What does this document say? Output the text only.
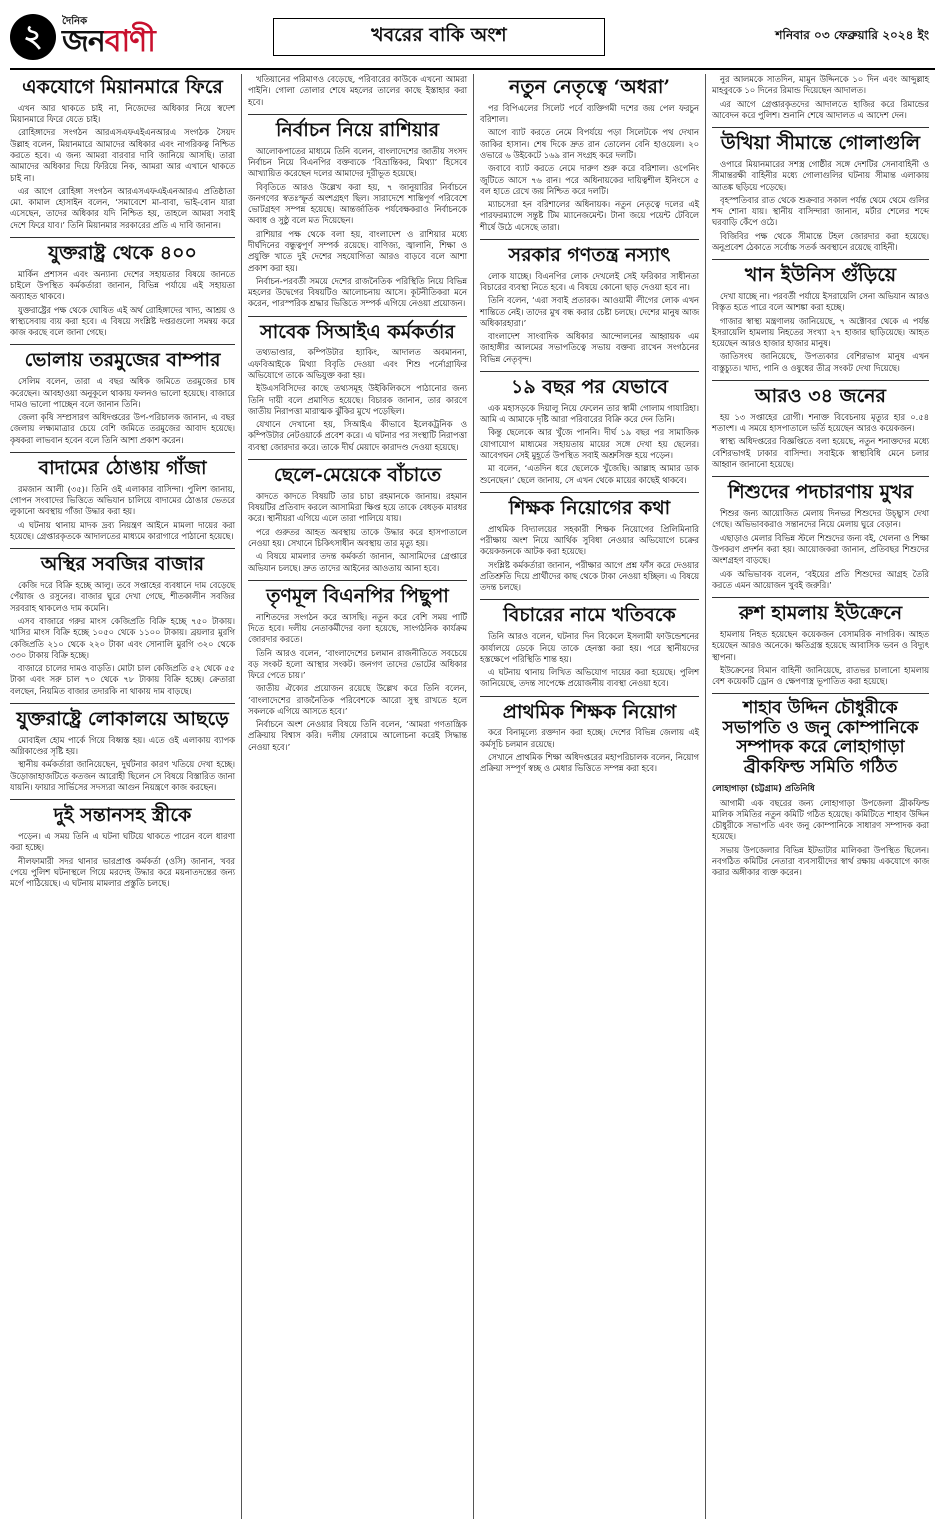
২	দৈনিক
জনবাণী	খবরের বাকি অংশ	শনিবার ০৩ ফেব্রুয়ারি ২০২৪ ইং
একযোগে মিয়ানমারে ফিরে

এখন আর থাকতে চাই না, নিজেদের অধিকার নিয়ে স্বদেশ মিয়ানমারে ফিরে যেতে চাই।

রোহিঙ্গাদের সংগঠন আরএসএফএইএনআরএ সংগঠক সৈয়দ উল্লাহ বলেন, মিয়ানমারে আমাদের অধিকার এবং নাগরিকত্ব নিশ্চিত করতে হবে। এ জন্য আমরা বারবার দাবি জানিয়ে আসছি। তারা আমাদের অধিকার দিয়ে ফিরিয়ে নিক, আমরা আর এখানে থাকতে চাই না।

এর আগে রোহিঙ্গা সংগঠন আরএসএফএইএনআরএ প্রতিষ্ঠাতা মো. কামাল হোসাইন বলেন, ‘সমাবেশে মা-বাবা, ভাই-বোন যারা এসেছেন, তাদের অধিকার যদি নিশ্চিত হয়, তাহলে আমরা সবাই দেশে ফিরে যাব।’ তিনি মিয়ানমার সরকারের প্রতি এ দাবি জানান।

যুক্তরাষ্ট্র থেকে ৪০০

মার্কিন প্রশাসন এবং অন্যান্য দেশের সহায়তার বিষয়ে জানতে চাইলে উপস্থিত কর্মকর্তারা জানান, বিভিন্ন পর্যায়ে এই সহায়তা অব্যাহত থাকবে।

যুক্তরাষ্ট্রের পক্ষ থেকে ঘোষিত এই অর্থ রোহিঙ্গাদের খাদ্য, আশ্রয় ও স্বাস্থ্যসেবায় ব্যয় করা হবে। এ বিষয়ে সংশ্লিষ্ট দপ্তরগুলো সমন্বয় করে কাজ করছে বলে জানা গেছে।

ভোলায় তরমুজের বাম্পার

সেলিম বলেন, তারা এ বছর অধিক জমিতে তরমুজের চাষ করেছেন। আবহাওয়া অনুকূলে থাকায় ফলনও ভালো হয়েছে। বাজারে দামও ভালো পাচ্ছেন বলে জানান তিনি।

জেলা কৃষি সম্প্রসারণ অধিদপ্তরের উপ-পরিচালক জানান, এ বছর জেলায় লক্ষ্যমাত্রার চেয়ে বেশি জমিতে তরমুজের আবাদ হয়েছে। কৃষকরা লাভবান হবেন বলে তিনি আশা প্রকাশ করেন।

বাদামের ঠোঙায় গাঁজা

রমজান আলী (৩৫)। তিনি ওই এলাকার বাসিন্দা। পুলিশ জানায়, গোপন সংবাদের ভিত্তিতে অভিযান চালিয়ে বাদামের ঠোঙার ভেতরে লুকানো অবস্থায় গাঁজা উদ্ধার করা হয়।

এ ঘটনায় থানায় মাদক দ্রব্য নিয়ন্ত্রণ আইনে মামলা দায়ের করা হয়েছে। গ্রেপ্তারকৃতকে আদালতের মাধ্যমে কারাগারে পাঠানো হয়েছে।

অস্থির সবজির বাজার

কেজি দরে বিক্রি হচ্ছে আলু। তবে সপ্তাহের ব্যবধানে দাম বেড়েছে পেঁয়াজ ও রসুনের। বাজার ঘুরে দেখা গেছে, শীতকালীন সবজির সরবরাহ থাকলেও দাম কমেনি।

এসব বাজারে গরুর মাংস কেজিপ্রতি বিক্রি হচ্ছে ৭৫০ টাকায়। খাসির মাংস বিক্রি হচ্ছে ১০৫০ থেকে ১১০০ টাকায়। ব্রয়লার মুরগি কেজিপ্রতি ২১০ থেকে ২২০ টাকা এবং সোনালি মুরগি ৩২০ থেকে ৩৩০ টাকায় বিক্রি হচ্ছে।

বাজারে চালের দামও বাড়তি। মোটা চাল কেজিপ্রতি ৫২ থেকে ৫৫ টাকা এবং সরু চাল ৭০ থেকে ৭৮ টাকায় বিক্রি হচ্ছে। ক্রেতারা বলছেন, নিয়মিত বাজার তদারকি না থাকায় দাম বাড়ছে।

যুক্তরাষ্ট্রে লোকালয়ে আছড়ে

মোবাইল হোম পার্কে গিয়ে বিধ্বস্ত হয়। এতে ওই এলাকায় ব্যাপক অগ্নিকাণ্ডের সৃষ্টি হয়।

স্থানীয় কর্মকর্তারা জানিয়েছেন, দুর্ঘটনার কারণ খতিয়ে দেখা হচ্ছে। উড়োজাহাজটিতে কতজন আরোহী ছিলেন সে বিষয়ে বিস্তারিত জানা যায়নি। ফায়ার সার্ভিসের সদস্যরা আগুন নিয়ন্ত্রণে কাজ করছেন।

দুই সন্তানসহ স্ত্রীকে

পড়েন। এ সময় তিনি এ ঘটনা ঘটিয়ে থাকতে পারেন বলে ধারণা করা হচ্ছে।

নীলফামারী সদর থানার ভারপ্রাপ্ত কর্মকর্তা (ওসি) জানান, খবর পেয়ে পুলিশ ঘটনাস্থলে গিয়ে মরদেহ উদ্ধার করে ময়নাতদন্তের জন্য মর্গে পাঠিয়েছে। এ ঘটনায় মামলার প্রস্তুতি চলছে।

খতিয়ানের পরিমাণও বেড়েছে, পরিবারের কাউকে এখনো আমরা পাইনি। গোলা তোলার শেষে মহলের তালের কাছে ইস্তাহার করা হবে।

নির্বাচন নিয়ে রাশিয়ার

আলোকপাতের মাধ্যমে তিনি বলেন, বাংলাদেশের জাতীয় সংসদ নির্বাচন নিয়ে বিএনপির বক্তব্যকে ‘বিভ্রান্তিকর, মিথ্যা’ হিসেবে আখ্যায়িত করেছেন দলের আমাদের দূরীভূত হয়েছে।

বিবৃতিতে আরও উল্লেখ করা হয়, ৭ জানুয়ারির নির্বাচনে জনগণের স্বতঃস্ফূর্ত অংশগ্রহণ ছিল। সারাদেশে শান্তিপূর্ণ পরিবেশে ভোটগ্রহণ সম্পন্ন হয়েছে। আন্তর্জাতিক পর্যবেক্ষকরাও নির্বাচনকে অবাধ ও সুষ্ঠু বলে মত দিয়েছেন।

রাশিয়ার পক্ষ থেকে বলা হয়, বাংলাদেশ ও রাশিয়ার মধ্যে দীর্ঘদিনের বন্ধুত্বপূর্ণ সম্পর্ক রয়েছে। বাণিজ্য, জ্বালানি, শিক্ষা ও প্রযুক্তি খাতে দুই দেশের সহযোগিতা আরও বাড়বে বলে আশা প্রকাশ করা হয়।

নির্বাচন-পরবর্তী সময়ে দেশের রাজনৈতিক পরিস্থিতি নিয়ে বিভিন্ন মহলের উদ্বেগের বিষয়টিও আলোচনায় আসে। কূটনীতিকরা মনে করেন, পারস্পরিক শ্রদ্ধার ভিত্তিতে সম্পর্ক এগিয়ে নেওয়া প্রয়োজন।

সাবেক সিআইএ কর্মকর্তার

তথ্যভাণ্ডার, কম্পিউটার হ্যাকিং, আদালত অবমাননা, এফবিআইকে মিথ্যা বিবৃতি দেওয়া এবং শিশু পর্নোগ্রাফির অভিযোগে তাকে অভিযুক্ত করা হয়।

ইউএসবিসিদের কাছে তথ্যসমূহ উইকিলিকসে পাঠানোর জন্য তিনি দায়ী বলে প্রমাণিত হয়েছে। বিচারক জানান, তার কারণে জাতীয় নিরাপত্তা মারাত্মক ঝুঁকির মুখে পড়েছিল।

যেখানে দেখানো হয়, সিআইএ কীভাবে ইলেকট্রনিক ও কম্পিউটার নেটওয়ার্কে প্রবেশ করে। এ ঘটনার পর সংস্থাটি নিরাপত্তা ব্যবস্থা জোরদার করে। তাকে দীর্ঘ মেয়াদে কারাদণ্ড দেওয়া হয়েছে।

ছেলে-মেয়েকে বাঁচাতে

কাদতে কাদতে বিষয়টি তার চাচা রহমানকে জানায়। রহমান বিষয়টির প্রতিবাদ করলে আসামিরা ক্ষিপ্ত হয়ে তাকে বেধড়ক মারধর করে। স্থানীয়রা এগিয়ে এলে তারা পালিয়ে যায়।

পরে গুরুতর আহত অবস্থায় তাকে উদ্ধার করে হাসপাতালে নেওয়া হয়। সেখানে চিকিৎসাধীন অবস্থায় তার মৃত্যু হয়।

এ বিষয়ে মামলার তদন্ত কর্মকর্তা জানান, আসামিদের গ্রেপ্তারে অভিযান চলছে। দ্রুত তাদের আইনের আওতায় আনা হবে।

তৃণমূল বিএনপির পিছুপা

নাশিতদের সংগঠন করে আসছি। নতুন করে বেশি সময় পার্টি দিতে হবে। দলীয় নেতাকর্মীদের বলা হয়েছে, সাংগঠনিক কার্যক্রম জোরদার করতে।

তিনি আরও বলেন, ‘বাংলাদেশের চলমান রাজনীতিতে সবচেয়ে বড় সংকট হলো আস্থার সংকট। জনগণ তাদের ভোটের অধিকার ফিরে পেতে চায়।’

জাতীয় ঐক্যের প্রয়োজন রয়েছে উল্লেখ করে তিনি বলেন, ‘বাংলাদেশের রাজনৈতিক পরিবেশকে আরো সুস্থ রাখতে হলে সকলকে এগিয়ে আসতে হবে।’

নির্বাচনে অংশ নেওয়ার বিষয়ে তিনি বলেন, ‘আমরা গণতান্ত্রিক প্রক্রিয়ায় বিশ্বাস করি। দলীয় ফোরামে আলোচনা করেই সিদ্ধান্ত নেওয়া হবে।’

নতুন নেতৃত্বে ‘অধরা’

পর বিপিএলের সিলেট পর্বে ব্যক্তিগমী দশের জয় পেল ফরচুন বরিশাল।

আগে ব্যাট করতে নেমে বিপর্যয়ে পড়া সিলেটকে পথ দেখান জাকির হাসান। শেষ দিকে দ্রুত রান তোলেন বেনি হাওয়েল। ২০ ওভারে ৬ উইকেটে ১৬৯ রান সংগ্রহ করে দলটি।

জবাবে ব্যাট করতে নেমে দারুণ শুরু করে বরিশাল। ওপেনিং জুটিতে আসে ৭৬ রান। পরে অধিনায়কের দায়িত্বশীল ইনিংসে ৫ বল হাতে রেখে জয় নিশ্চিত করে দলটি।

ম্যাচসেরা হন বরিশালের অধিনায়ক। নতুন নেতৃত্বে দলের এই পারফরম্যান্সে সন্তুষ্ট টিম ম্যানেজমেন্ট। টানা জয়ে পয়েন্ট টেবিলে শীর্ষে উঠে এসেছে তারা।

সরকার গণতন্ত্র নস্যাৎ

লোক যাচ্ছে। বিএনপির লোক দেখলেই সেই ফরিকার সাধীনতা বিচারের ব্যবস্থা নিতে হবে। এ বিষয়ে কোনো ছাড় দেওয়া হবে না।

তিনি বলেন, ‘এরা সবাই প্রতারক। আওয়ামী লীগের লোক এখন শান্তিতে নেই। তাদের মুখ বন্ধ করার চেষ্টা চলছে। দেশের মানুষ আজ অধিকারহারা।’

বাংলাদেশ সাংবাদিক অধিকার আন্দোলনের আহ্বায়ক এম জাহাঙ্গীর আলমের সভাপতিত্বে সভায় বক্তব্য রাখেন সংগঠনের বিভিন্ন নেতৃবৃন্দ।

১৯ বছর পর যেভাবে

এক মহাসড়কে দিয়ালু নিয়ে ফেলেন তার স্বামী গোলাম গাযারিহা। আমি এ আমাকে দৃষ্টি আরা পরিবারের বিক্রি করে দেন তিনি।

কিন্তু ছেলেকে আর খুঁজে পাননি। দীর্ঘ ১৯ বছর পর সামাজিক যোগাযোগ মাধ্যমের সহায়তায় মায়ের সঙ্গে দেখা হয় ছেলের। আবেগঘন সেই মুহূর্তে উপস্থিত সবাই অশ্রুসিক্ত হয়ে পড়েন।

মা বলেন, ‘এতদিন ধরে ছেলেকে খুঁজেছি। আল্লাহ আমার ডাক শুনেছেন।’ ছেলে জানায়, সে এখন থেকে মায়ের কাছেই থাকবে।

শিক্ষক নিয়োগের কথা

প্রাথমিক বিদ্যালয়ের সহকারী শিক্ষক নিয়োগের প্রিলিমিনারি পরীক্ষায় অংশ নিয়ে আর্থিক সুবিধা নেওয়ার অভিযোগে চক্রের কয়েকজনকে আটক করা হয়েছে।

সংশ্লিষ্ট কর্মকর্তারা জানান, পরীক্ষার আগে প্রশ্ন ফাঁস করে দেওয়ার প্রতিশ্রুতি দিয়ে প্রার্থীদের কাছ থেকে টাকা নেওয়া হচ্ছিল। এ বিষয়ে তদন্ত চলছে।

বিচারের নামে খতিবকে

তিনি আরও বলেন, ঘটনার দিন বিকেলে ইসলামী ফাউন্ডেশনের কার্যালয়ে ডেকে নিয়ে তাকে হেনস্তা করা হয়। পরে স্থানীয়দের হস্তক্ষেপে পরিস্থিতি শান্ত হয়।

এ ঘটনায় থানায় লিখিত অভিযোগ দায়ের করা হয়েছে। পুলিশ জানিয়েছে, তদন্ত সাপেক্ষে প্রয়োজনীয় ব্যবস্থা নেওয়া হবে।

প্রাথমিক শিক্ষক নিয়োগ

করে বিনামূল্যে রক্তদান করা হচ্ছে। দেশের বিভিন্ন জেলায় এই কর্মসূচি চলমান রয়েছে।

সেখানে প্রাথমিক শিক্ষা অধিদপ্তরের মহাপরিচালক বলেন, নিয়োগ প্রক্রিয়া সম্পূর্ণ স্বচ্ছ ও মেধার ভিত্তিতে সম্পন্ন করা হবে।

নুর আলমকে সাতদিন, মামুন উদ্দিনকে ১০ দিন এবং আব্দুল্লাহ মাহবুবকে ১০ দিনের রিমান্ড দিয়েছেন আদালত।

এর আগে গ্রেপ্তারকৃতদের আদালতে হাজির করে রিমান্ডের আবেদন করে পুলিশ। শুনানি শেষে আদালত এ আদেশ দেন।

উখিয়া সীমান্তে গোলাগুলি

ওপারে মিয়ানমারের সশস্ত্র গোষ্ঠীর সঙ্গে দেশটির সেনাবাহিনী ও সীমান্তরক্ষী বাহিনীর মধ্যে গোলাগুলির ঘটনায় সীমান্ত এলাকায় আতঙ্ক ছড়িয়ে পড়েছে।

বৃহস্পতিবার রাত থেকে শুক্রবার সকাল পর্যন্ত থেমে থেমে গুলির শব্দ শোনা যায়। স্থানীয় বাসিন্দারা জানান, মর্টার শেলের শব্দে ঘরবাড়ি কেঁপে ওঠে।

বিজিবির পক্ষ থেকে সীমান্তে টহল জোরদার করা হয়েছে। অনুপ্রবেশ ঠেকাতে সর্বোচ্চ সতর্ক অবস্থানে রয়েছে বাহিনী।

খান ইউনিস গুঁড়িয়ে

দেখা যাচ্ছে না। পরবর্তী পর্যায়ে ইসরায়েলি সেনা অভিযান আরও বিস্তৃত হতে পারে বলে আশঙ্কা করা হচ্ছে।

গাজার স্বাস্থ্য মন্ত্রণালয় জানিয়েছে, ৭ অক্টোবর থেকে এ পর্যন্ত ইসরায়েলি হামলায় নিহতের সংখ্যা ২৭ হাজার ছাড়িয়েছে। আহত হয়েছেন আরও হাজার হাজার মানুষ।

জাতিসংঘ জানিয়েছে, উপত্যকার বেশিরভাগ মানুষ এখন বাস্তুচ্যুত। খাদ্য, পানি ও ওষুধের তীব্র সংকট দেখা দিয়েছে।

আরও ৩৪ জনের

হয় ১৩ সপ্তাহের রোগী। শনাক্ত বিবেচনায় মৃত্যুর হার ০.৫৪ শতাংশ। এ সময়ে হাসপাতালে ভর্তি হয়েছেন আরও কয়েকজন।

স্বাস্থ্য অধিদপ্তরের বিজ্ঞপ্তিতে বলা হয়েছে, নতুন শনাক্তদের মধ্যে বেশিরভাগই ঢাকার বাসিন্দা। সবাইকে স্বাস্থ্যবিধি মেনে চলার আহ্বান জানানো হয়েছে।

শিশুদের পদচারণায় মুখর

শিশুর জন্য আয়োজিত মেলায় দিনভর শিশুদের উচ্ছ্বাস দেখা গেছে। অভিভাবকরাও সন্তানদের নিয়ে মেলায় ঘুরে বেড়ান।

এছাড়াও মেলার বিভিন্ন স্টলে শিশুদের জন্য বই, খেলনা ও শিক্ষা উপকরণ প্রদর্শন করা হয়। আয়োজকরা জানান, প্রতিবছর শিশুদের অংশগ্রহণ বাড়ছে।

এক অভিভাবক বলেন, ‘বইয়ের প্রতি শিশুদের আগ্রহ তৈরি করতে এমন আয়োজন খুবই জরুরি।’

রুশ হামলায় ইউক্রেনে

হামলায় নিহত হয়েছেন কয়েকজন বেসামরিক নাগরিক। আহত হয়েছেন আরও অনেকে। ক্ষতিগ্রস্ত হয়েছে আবাসিক ভবন ও বিদ্যুৎ স্থাপনা।

ইউক্রেনের বিমান বাহিনী জানিয়েছে, রাতভর চালানো হামলায় বেশ কয়েকটি ড্রোন ও ক্ষেপণাস্ত্র ভূপাতিত করা হয়েছে।

শাহাব উদ্দিন চৌধুরীকে সভাপতি ও জনু কোম্পানিকে সম্পাদক করে লোহাগাড়া ব্রীকফিল্ড সমিতি গঠিত
লোহাগাড়া (চট্টগ্রাম) প্রতিনিধি

আগামী এক বছরের জন্য লোহাগাড়া উপজেলা ব্রীকফিল্ড মালিক সমিতির নতুন কমিটি গঠিত হয়েছে। কমিটিতে শাহাব উদ্দিন চৌধুরীকে সভাপতি এবং জনু কোম্পানিকে সাধারণ সম্পাদক করা হয়েছে।

সভায় উপজেলার বিভিন্ন ইটভাটার মালিকরা উপস্থিত ছিলেন। নবগঠিত কমিটির নেতারা ব্যবসায়ীদের স্বার্থ রক্ষায় একযোগে কাজ করার অঙ্গীকার ব্যক্ত করেন।
